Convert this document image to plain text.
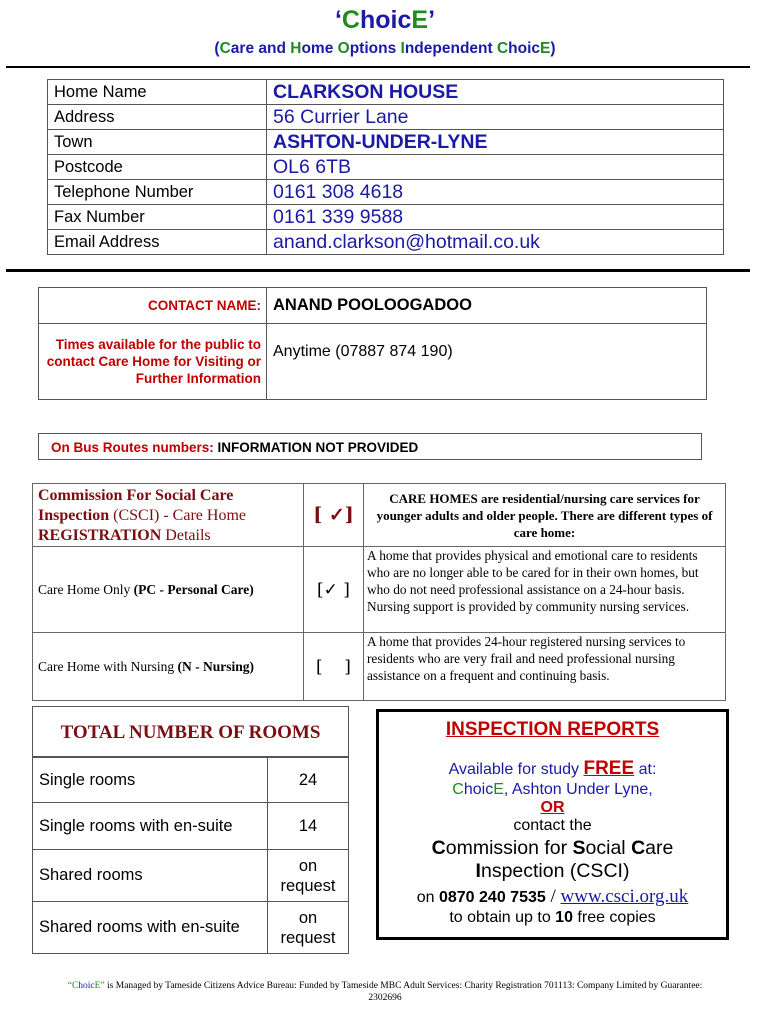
‘ChoicE’
(Care and Home Options Independent ChoicE)
Home Name	CLARKSON HOUSE
Address	56 Currier Lane
Town	ASHTON-UNDER-LYNE
Postcode	OL6 6TB
Telephone Number	0161 308 4618
Fax Number	0161 339 9588
Email Address	anand.clarkson@hotmail.co.uk
CONTACT NAME:	ANAND POOLOOGADOO
Times available for the public to contact Care Home for Visiting or Further Information	Anytime (07887 874 190)
On Bus Routes numbers: INFORMATION NOT PROVIDED
Commission For Social Care
Inspection (CSCI) - Care Home
REGISTRATION Details	[ ✓]	CARE HOMES are residential/nursing care services for younger adults and older people. There are different types of care home:
Care Home Only (PC - Personal Care)	[✓ ]	A home that provides physical and emotional care to residents who are no longer able to be cared for in their own homes, but who do not need professional assistance on a 24-hour basis. Nursing support is provided by community nursing services.
Care Home with Nursing (N - Nursing)	[    ]	A home that provides 24-hour registered nursing services to residents who are very frail and need professional nursing assistance on a frequent and continuing basis.
TOTAL NUMBER OF ROOMS
Single rooms	24
Single rooms with en-suite	14
Shared rooms	on request
Shared rooms with en-suite	on request
INSPECTION REPORTS
Available for study FREE at:
ChoicE, Ashton Under Lyne,
OR
contact the
Commission for Social Care
Inspection (CSCI)
on 0870 240 7535 / www.csci.org.uk
to obtain up to 10 free copies
“ChoicE” is Managed by Tameside Citizens Advice Bureau: Funded by Tameside MBC Adult Services: Charity Registration 701113: Company Limited by Guarantee: 2302696
